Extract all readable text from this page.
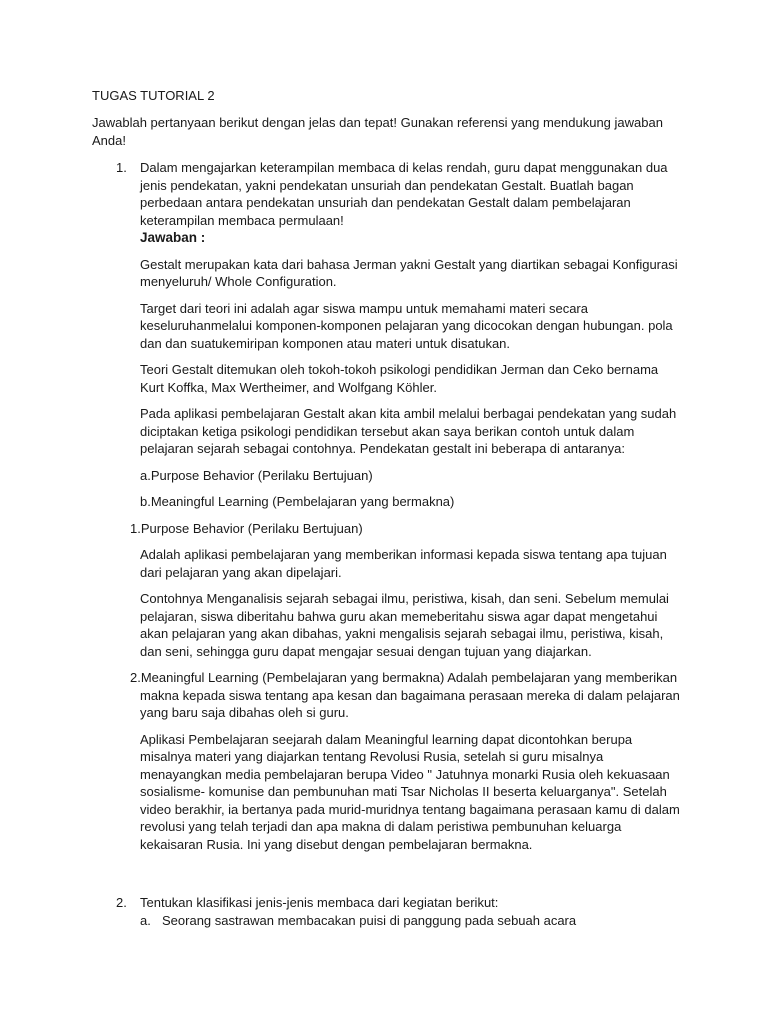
TUGAS TUTORIAL 2

Jawablah pertanyaan berikut dengan jelas dan tepat! Gunakan referensi yang mendukung jawaban Anda!

1. Dalam mengajarkan keterampilan membaca di kelas rendah, guru dapat menggunakan dua jenis pendekatan, yakni pendekatan unsuriah dan pendekatan Gestalt. Buatlah bagan perbedaan antara pendekatan unsuriah dan pendekatan Gestalt dalam pembelajaran keterampilan membaca permulaan!

Jawaban :

Gestalt merupakan kata dari bahasa Jerman yakni Gestalt yang diartikan sebagai Konfigurasi menyeluruh/ Whole Configuration.

Target dari teori ini adalah agar siswa mampu untuk memahami materi secara keseluruhanmelalui komponen-komponen pelajaran yang dicocokan dengan hubungan. pola dan dan suatukemiripan komponen atau materi untuk disatukan.

Teori Gestalt ditemukan oleh tokoh-tokoh psikologi pendidikan Jerman dan Ceko bernama Kurt Koffka, Max Wertheimer, and Wolfgang Köhler.

Pada aplikasi pembelajaran Gestalt akan kita ambil melalui berbagai pendekatan yang sudah diciptakan ketiga psikologi pendidikan tersebut akan saya berikan contoh untuk dalam pelajaran sejarah sebagai contohnya. Pendekatan gestalt ini beberapa di antaranya:

a.Purpose Behavior (Perilaku Bertujuan)

b.Meaningful Learning (Pembelajaran yang bermakna)

1.Purpose Behavior (Perilaku Bertujuan)

Adalah aplikasi pembelajaran yang memberikan informasi kepada siswa tentang apa tujuan dari pelajaran yang akan dipelajari.

Contohnya Menganalisis sejarah sebagai ilmu, peristiwa, kisah, dan seni. Sebelum memulai pelajaran, siswa diberitahu bahwa guru akan memeberitahu siswa agar dapat mengetahui akan pelajaran yang akan dibahas, yakni mengalisis sejarah sebagai ilmu, peristiwa, kisah, dan seni, sehingga guru dapat mengajar sesuai dengan tujuan yang diajarkan.

2.Meaningful Learning (Pembelajaran yang bermakna) Adalah pembelajaran yang memberikan makna kepada siswa tentang apa kesan dan bagaimana perasaan mereka di dalam pelajaran yang baru saja dibahas oleh si guru.

Aplikasi Pembelajaran seejarah dalam Meaningful learning dapat dicontohkan berupa misalnya materi yang diajarkan tentang Revolusi Rusia, setelah si guru misalnya menayangkan media pembelajaran berupa Video " Jatuhnya monarki Rusia oleh kekuasaan sosialisme- komunise dan pembunuhan mati Tsar Nicholas II beserta keluarganya". Setelah video berakhir, ia bertanya pada murid-muridnya tentang bagaimana perasaan kamu di dalam revolusi yang telah terjadi dan apa makna di dalam peristiwa pembunuhan keluarga kekaisaran Rusia. Ini yang disebut dengan pembelajaran bermakna.

2. Tentukan klasifikasi jenis-jenis membaca dari kegiatan berikut:

a. Seorang sastrawan membacakan puisi di panggung pada sebuah acara
